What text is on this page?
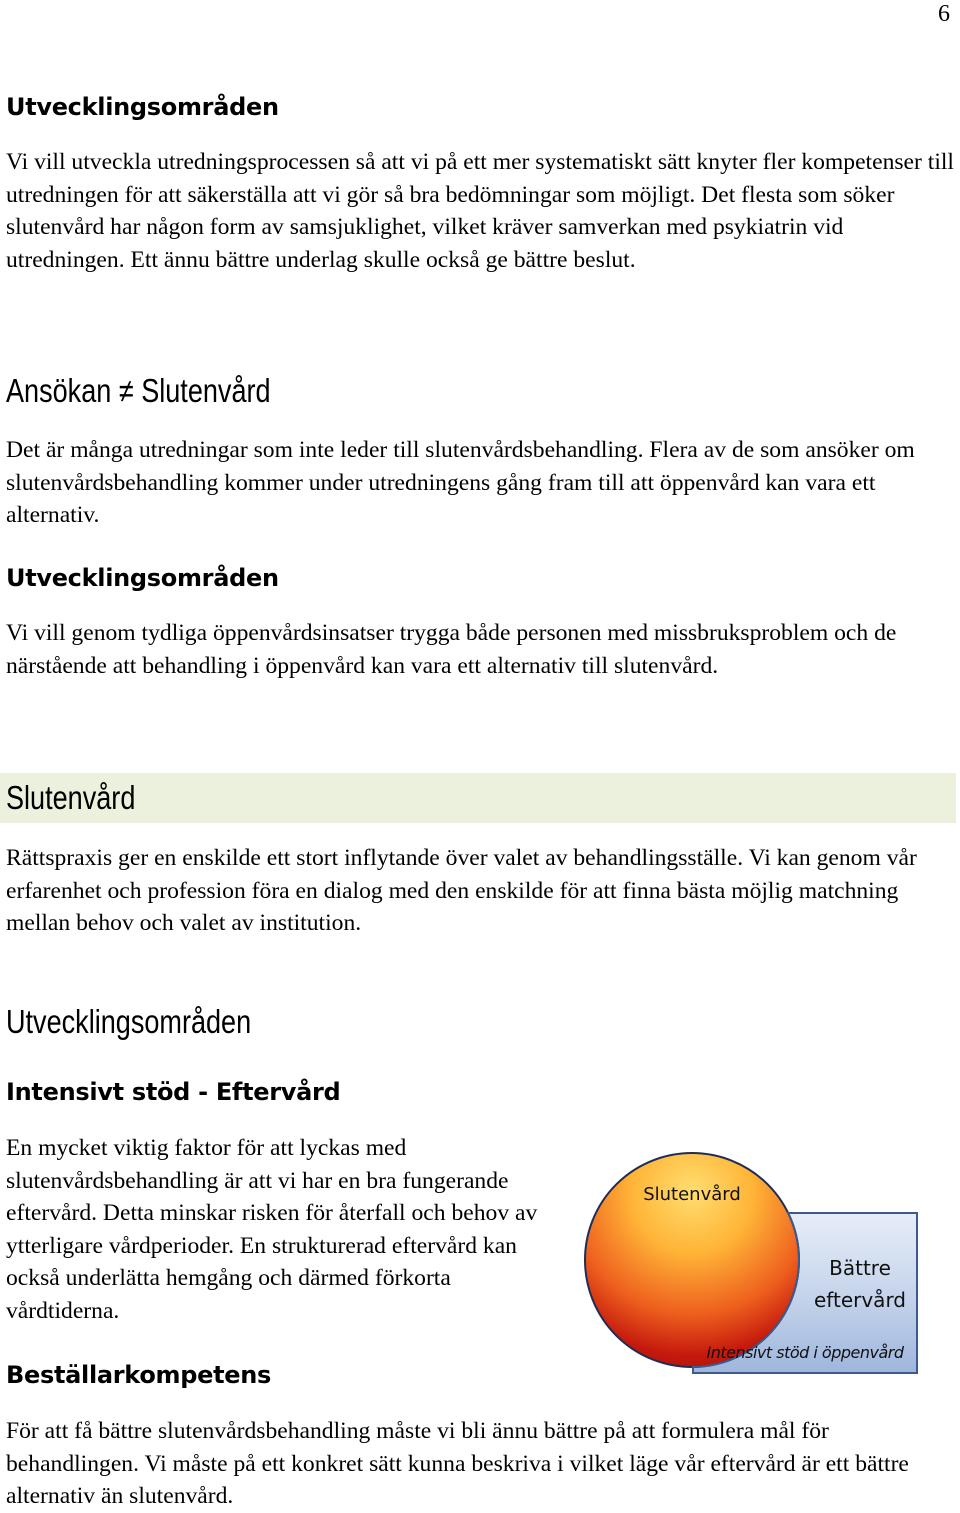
6
Utvecklingsområden

Vi vill utveckla utredningsprocessen så att vi på ett mer systematiskt sätt knyter fler kompetenser till utredningen för att säkerställa att vi gör så bra bedömningar som möjligt. Det flesta som söker slutenvård har någon form av samsjuklighet, vilket kräver samverkan med psykiatrin vid utredningen. Ett ännu bättre underlag skulle också ge bättre beslut.

Ansökan ≠ Slutenvård

Det är många utredningar som inte leder till slutenvårdsbehandling. Flera av de som ansöker om slutenvårdsbehandling kommer under utredningens gång fram till att öppenvård kan vara ett alternativ.

Utvecklingsområden

Vi vill genom tydliga öppenvårdsinsatser trygga både personen med missbruksproblem och de närstående att behandling i öppenvård kan vara ett alternativ till slutenvård.

Slutenvård

Rättspraxis ger en enskilde ett stort inflytande över valet av behandlingsställe. Vi kan genom vår erfarenhet och profession föra en dialog med den enskilde för att finna bästa möjlig matchning mellan behov och valet av institution.

Utvecklingsområden
Intensivt stöd - Eftervård

En mycket viktig faktor för att lyckas med slutenvårdsbehandling är att vi har en bra fungerande eftervård. Detta minskar risken för återfall och behov av ytterligare vårdperioder. En strukturerad eftervård kan också underlätta hemgång och därmed förkorta vårdtiderna.

Slutenvård
Bättre
eftervård
Intensivt stöd i öppenvård
Beställarkompetens

För att få bättre slutenvårdsbehandling måste vi bli ännu bättre på att formulera mål för behandlingen. Vi måste på ett konkret sätt kunna beskriva i vilket läge vår eftervård är ett bättre alternativ än slutenvård.
